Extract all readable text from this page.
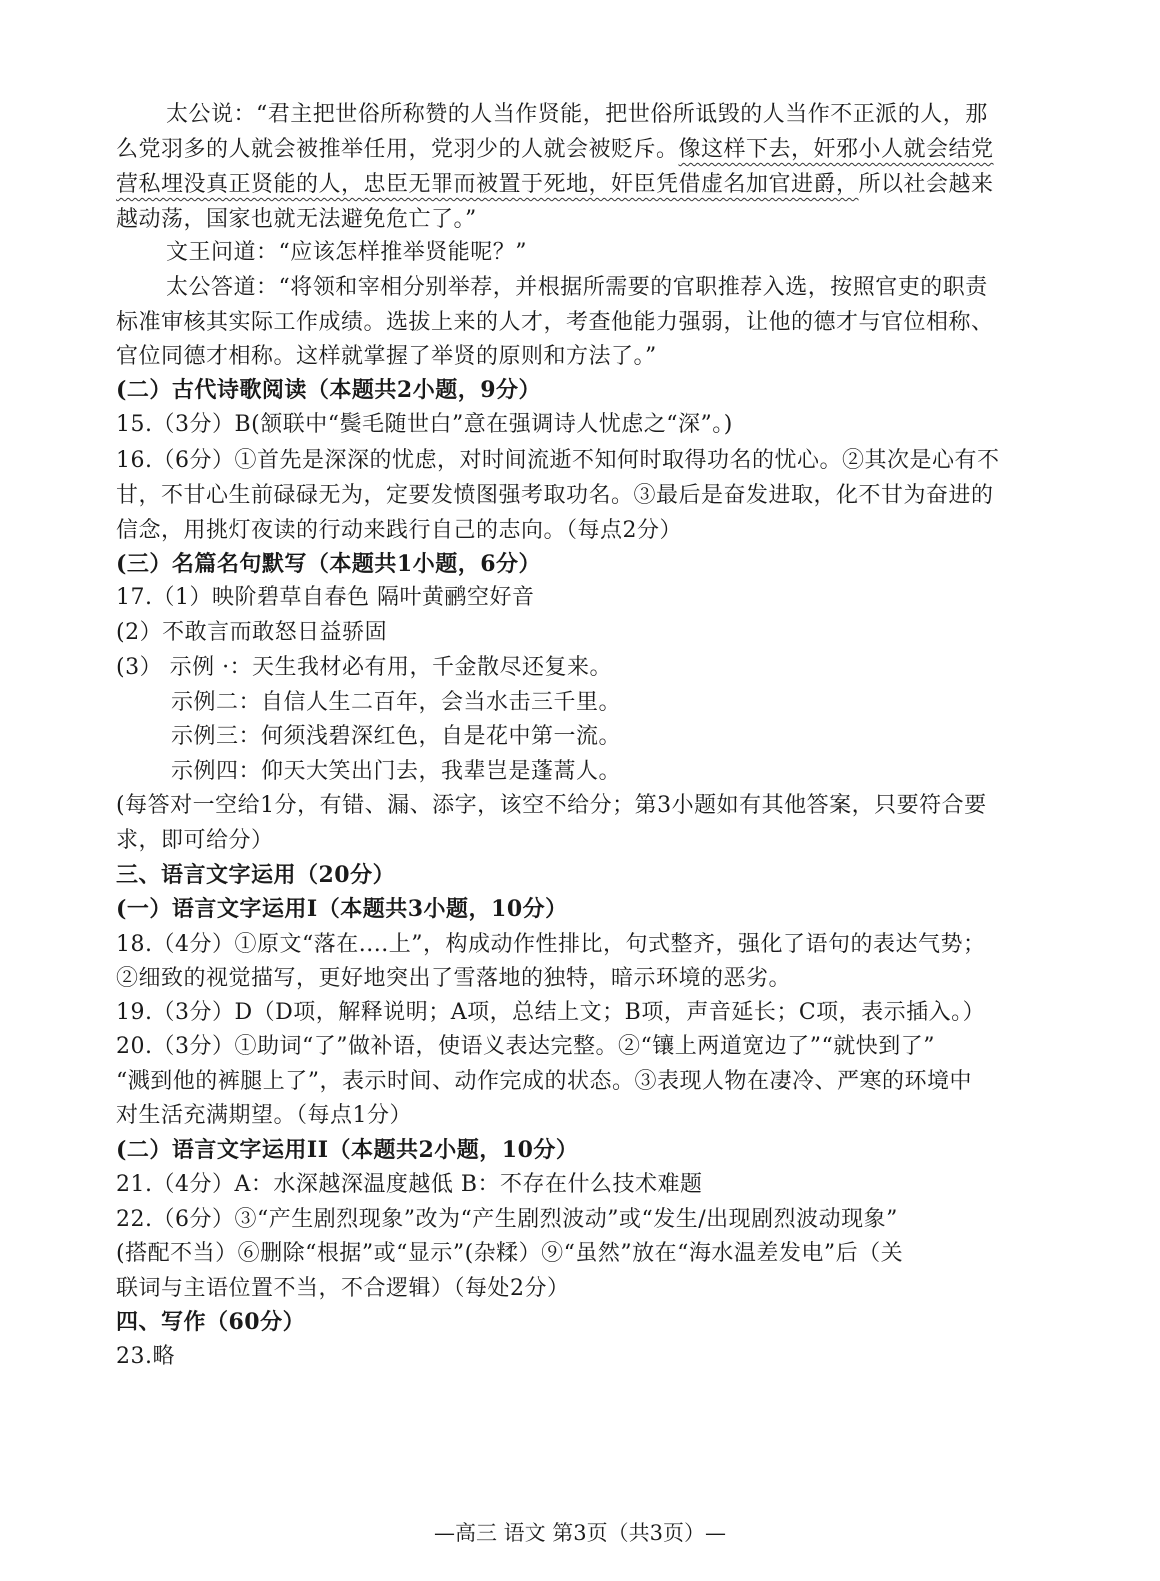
太公说：“君主把世俗所称赞的人当作贤能，把世俗所诋毁的人当作不正派的人，那
么党羽多的人就会被推举任用，党羽少的人就会被贬斥。像这样下去，奸邪小人就会结党
营私埋没真正贤能的人，忠臣无罪而被置于死地，奸臣凭借虚名加官进爵，所以社会越来
越动荡，国家也就无法避免危亡了。”
文王问道：“应该怎样推举贤能呢？”
太公答道：“将领和宰相分别举荐，并根据所需要的官职推荐入选，按照官吏的职责
标准审核其实际工作成绩。选拔上来的人才，考查他能力强弱，让他的德才与官位相称、
官位同德才相称。这样就掌握了举贤的原则和方法了。”
(二）古代诗歌阅读（本题共2小题，9分）
15.（3分）B(颔联中“鬓毛随世白”意在强调诗人忧虑之“深”。)
16.（6分）①首先是深深的忧虑，对时间流逝不知何时取得功名的忧心。②其次是心有不
甘，不甘心生前碌碌无为，定要发愤图强考取功名。③最后是奋发进取，化不甘为奋进的
信念，用挑灯夜读的行动来践行自己的志向。（每点2分）
(三）名篇名句默写（本题共1小题，6分）
17.（1）映阶碧草自春色 隔叶黄鹂空好音
(2）不敢言而敢怒日益骄固
(3） 示例 ·：天生我材必有用，千金散尽还复来。
示例二：自信人生二百年，会当水击三千里。
示例三：何须浅碧深红色，自是花中第一流。
示例四：仰天大笑出门去，我辈岂是蓬蒿人。
(每答对一空给1分，有错、漏、添字，该空不给分；第3小题如有其他答案，只要符合要
求，即可给分）
三、语言文字运用（20分）
(一）语言文字运用I（本题共3小题，10分）
18.（4分）①原文“落在....上”，构成动作性排比，句式整齐，强化了语句的表达气势；
②细致的视觉描写，更好地突出了雪落地的独特，暗示环境的恶劣。
19.（3分）D（D项，解释说明；A项，总结上文；B项，声音延长；C项，表示插入。）
20.（3分）①助词“了”做补语，使语义表达完整。②“镶上两道宽边了”“就快到了”
“溅到他的裤腿上了”，表示时间、动作完成的状态。③表现人物在凄冷、严寒的环境中
对生活充满期望。（每点1分）
(二）语言文字运用II（本题共2小题，10分）
21.（4分）A：水深越深温度越低 B：不存在什么技术难题
22.（6分）③“产生剧烈现象”改为“产生剧烈波动”或“发生/出现剧烈波动现象”
(搭配不当）⑥删除“根据”或“显示”(杂糅）⑨“虽然”放在“海水温差发电”后（关
联词与主语位置不当，不合逻辑）（每处2分）
四、写作（60分）
23.略
—高三 语文 第3页（共3页）—
